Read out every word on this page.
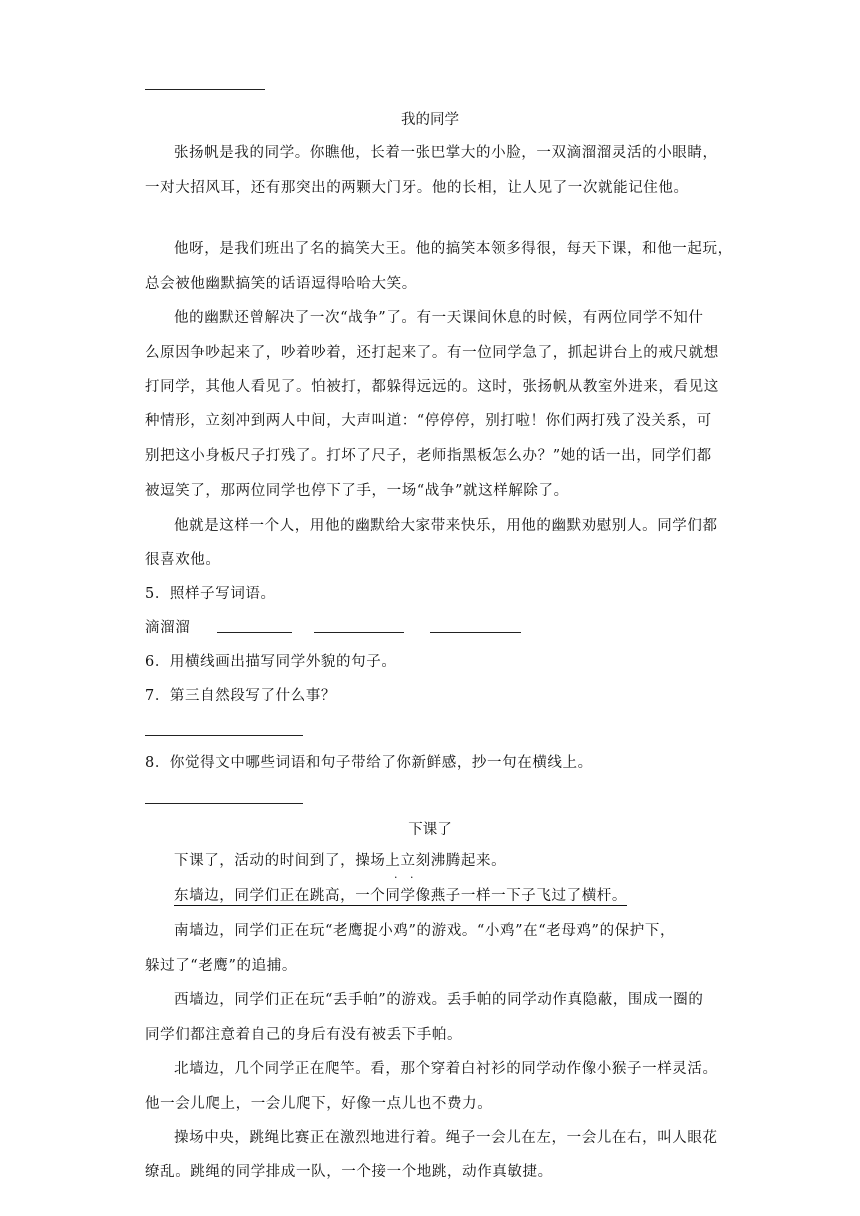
我的同学
张扬帆是我的同学。你瞧他，长着一张巴掌大的小脸，一双滴溜溜灵活的小眼睛，
一对大招风耳，还有那突出的两颗大门牙。他的长相，让人见了一次就能记住他。
他呀，是我们班出了名的搞笑大王。他的搞笑本领多得很，每天下课，和他一起玩，
总会被他幽默搞笑的话语逗得哈哈大笑。
他的幽默还曾解决了一次“战争”了。有一天课间休息的时候，有两位同学不知什
么原因争吵起来了，吵着吵着，还打起来了。有一位同学急了，抓起讲台上的戒尺就想
打同学，其他人看见了。怕被打，都躲得远远的。这时，张扬帆从教室外进来，看见这
种情形，立刻冲到两人中间，大声叫道：“停停停，别打啦！你们两打残了没关系，可
别把这小身板尺子打残了。打坏了尺子，老师指黑板怎么办？”她的话一出，同学们都
被逗笑了，那两位同学也停下了手，一场“战争”就这样解除了。
他就是这样一个人，用他的幽默给大家带来快乐，用他的幽默劝慰别人。同学们都
很喜欢他。
5．照样子写词语。
滴溜溜
6．用横线画出描写同学外貌的句子。
7．第三自然段写了什么事？
8．你觉得文中哪些词语和句子带给了你新鲜感，抄一句在横线上。
下课了
下课了，活动的时间到了，操场上立刻沸腾起来。
· ·
东墙边，同学们正在跳高，一个同学像燕子一样一下子飞过了横杆。
南墙边，同学们正在玩“老鹰捉小鸡”的游戏。“小鸡”在“老母鸡”的保护下，
躲过了“老鹰”的追捕。
西墙边，同学们正在玩“丢手帕”的游戏。丢手帕的同学动作真隐蔽，围成一圈的
同学们都注意着自己的身后有没有被丢下手帕。
北墙边，几个同学正在爬竿。看，那个穿着白衬衫的同学动作像小猴子一样灵活。
他一会儿爬上，一会儿爬下，好像一点儿也不费力。
操场中央，跳绳比赛正在激烈地进行着。绳子一会儿在左，一会儿在右，叫人眼花
缭乱。跳绳的同学排成一队，一个接一个地跳，动作真敏捷。
